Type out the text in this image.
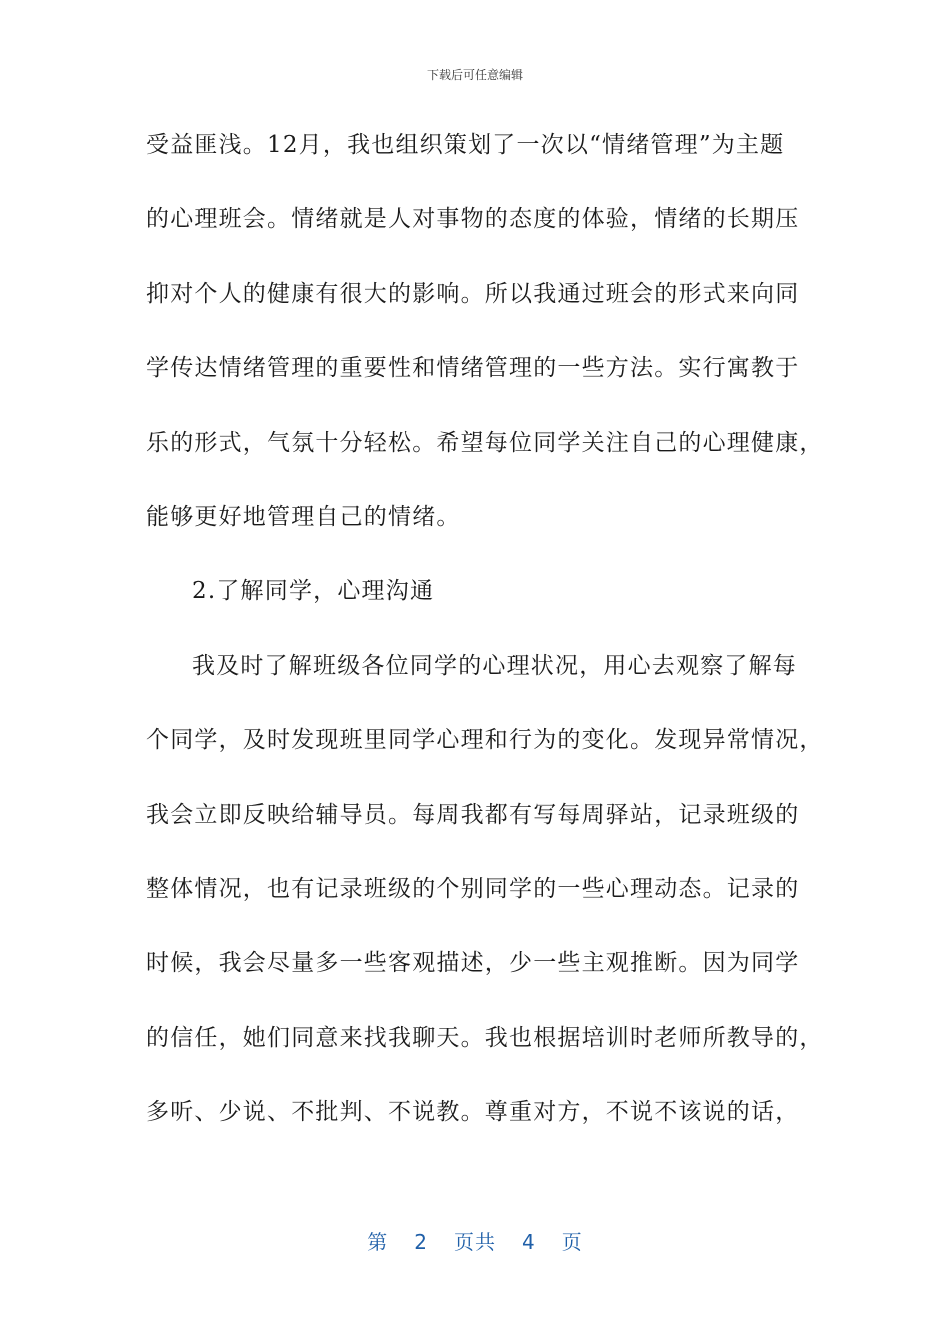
下载后可任意编辑
受益匪浅。12月，我也组织策划了一次以“情绪管理”为主题
的心理班会。情绪就是人对事物的态度的体验，情绪的长期压
抑对个人的健康有很大的影响。所以我通过班会的形式来向同
学传达情绪管理的重要性和情绪管理的一些方法。实行寓教于
乐的形式，气氛十分轻松。希望每位同学关注自己的心理健康，
能够更好地管理自己的情绪。
2.了解同学，心理沟通
我及时了解班级各位同学的心理状况，用心去观察了解每
个同学，及时发现班里同学心理和行为的变化。发现异常情况，
我会立即反映给辅导员。每周我都有写每周驿站，记录班级的
整体情况，也有记录班级的个别同学的一些心理动态。记录的
时候，我会尽量多一些客观描述，少一些主观推断。因为同学
的信任，她们同意来找我聊天。我也根据培训时老师所教导的，
多听、少说、不批判、不说教。尊重对方，不说不该说的话，
第 2 页共 4 页
